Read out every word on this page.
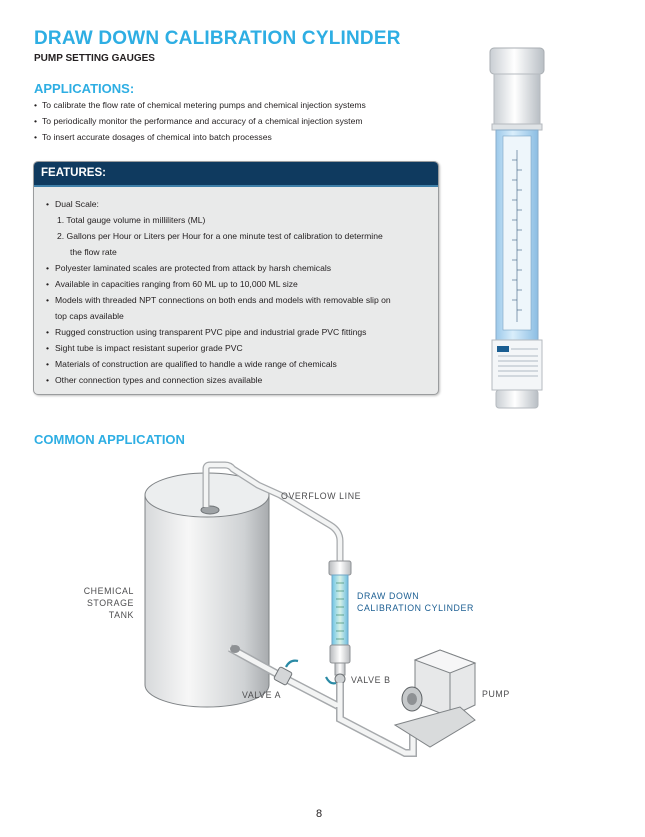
DRAW DOWN CALIBRATION CYLINDER
PUMP SETTING GAUGES
APPLICATIONS:
• To calibrate the flow rate of chemical metering pumps and chemical injection systems
• To periodically monitor the performance and accuracy of a chemical injection system
• To insert accurate dosages of chemical into batch processes
FEATURES:
• Dual Scale:
1. Total gauge volume in milliliters (ML)
2. Gallons per Hour or Liters per Hour for a one minute test of calibration to determine
the flow rate
• Polyester laminated scales are protected from attack by harsh chemicals
• Available in capacities ranging from 60 ML up to 10,000 ML size
• Models with threaded NPT connections on both ends and models with removable slip on
top caps available
• Rugged construction using transparent PVC pipe and industrial grade PVC fittings
• Sight tube is impact resistant superior grade PVC
• Materials of construction are qualified to handle a wide range of chemicals
• Other connection types and connection sizes available
COMMON APPLICATION
OVERFLOW LINE
CHEMICAL
STORAGE TANK
DRAW DOWN
CALIBRATION CYLINDER
VALVE A
VALVE B
PUMP
8
